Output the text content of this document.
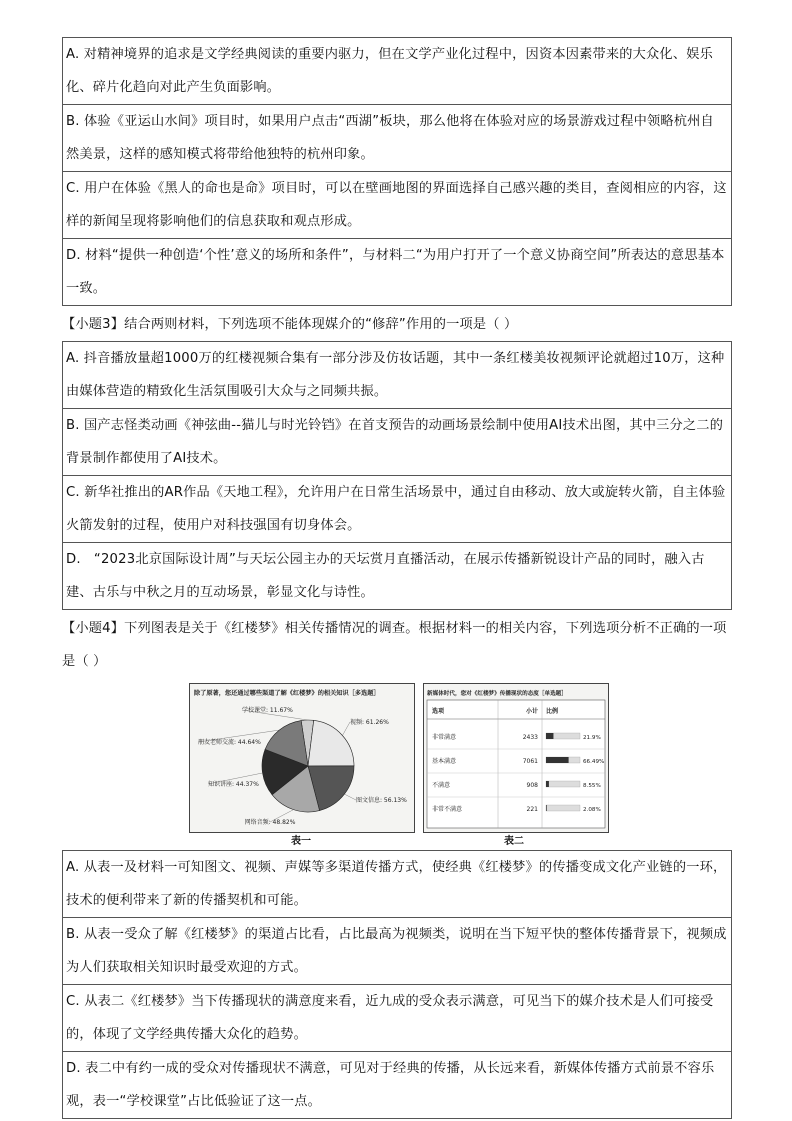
A. 对精神境界的追求是文学经典阅读的重要内驱力，但在文学产业化过程中，因资本因素带来的大众化、娱乐化、碎片化趋向对此产生负面影响。
B. 体验《亚运山水间》项目时，如果用户点击“西湖”板块，那么他将在体验对应的场景游戏过程中领略杭州自然美景，这样的感知模式将带给他独特的杭州印象。
C. 用户在体验《黑人的命也是命》项目时，可以在壁画地图的界面选择自己感兴趣的类目，查阅相应的内容，这样的新闻呈现将影响他们的信息获取和观点形成。
D. 材料“提供一种创造‘个性’意义的场所和条件”，与材料二“为用户打开了一个意义协商空间”所表达的意思基本一致。
【小题3】结合两则材料，下列选项不能体现媒介的“修辞”作用的一项是（ ）
A. 抖音播放量超1000万的红楼视频合集有一部分涉及仿妆话题，其中一条红楼美妆视频评论就超过10万，这种由媒体营造的精致化生活氛围吸引大众与之同频共振。
B. 国产志怪类动画《神弦曲--猫儿与时光铃铛》在首支预告的动画场景绘制中使用AI技术出图，其中三分之二的背景制作都使用了AI技术。
C. 新华社推出的AR作品《天地工程》，允许用户在日常生活场景中，通过自由移动、放大或旋转火箭，自主体验火箭发射的过程，使用户对科技强国有切身体会。
D.   “2023北京国际设计周”与天坛公园主办的天坛赏月直播活动，在展示传播新锐设计产品的同时，融入古建、古乐与中秋之月的互动场景，彰显文化与诗性。
【小题4】下列图表是关于《红楼梦》相关传播情况的调查。根据材料一的相关内容，下列选项分析不正确的一项是（ ）
除了原著，您还通过哪些渠道了解《红楼梦》的相关知识［多选题］
学校课堂: 11.67%
视频: 61.26%
图文信息: 56.13%
网络音频: 48.82%
知识讲座: 44.37%
朋友老师交流: 44.64%
新媒体时代，您对《红楼梦》传播现状的态度［单选题］
选项	小计 比例
非常满意	2433	21.9%
基本满意	7061	66.49%
不满意	908	8.55%
非常不满意	221	2.08%
表一	表二
A. 从表一及材料一可知图文、视频、声媒等多渠道传播方式，使经典《红楼梦》的传播变成文化产业链的一环，技术的便利带来了新的传播契机和可能。
B. 从表一受众了解《红楼梦》的渠道占比看，占比最高为视频类，说明在当下短平快的整体传播背景下，视频成为人们获取相关知识时最受欢迎的方式。
C. 从表二《红楼梦》当下传播现状的满意度来看，近九成的受众表示满意，可见当下的媒介技术是人们可接受的，体现了文学经典传播大众化的趋势。
D. 表二中有约一成的受众对传播现状不满意，可见对于经典的传播，从长远来看，新媒体传播方式前景不容乐观，表一“学校课堂”占比低验证了这一点。
